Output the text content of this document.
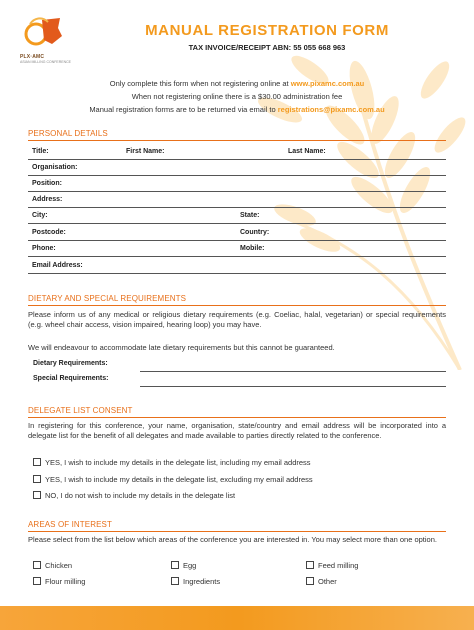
PLX·AMC
ASIAN MILLING CONFERENCE
MANUAL REGISTRATION FORM
TAX INVOICE/RECEIPT ABN: 55 055 668 963
Only complete this form when not registering online at www.pixamc.com.au
When not registering online there is a $30.00 administration fee
Manual registration forms are to be returned via email to registrations@pixamc.com.au
PERSONAL DETAILS
Title:	First Name:	Last Name:
Organisation:
Position:
Address:
City:	State:
Postcode:	Country:
Phone:	Mobile:
Email Address:
DIETARY AND SPECIAL REQUIREMENTS
Please inform us of any medical or religious dietary requirements (e.g. Coeliac, halal, vegetarian) or special requirements (e.g. wheel chair access, vision impaired, hearing loop) you may have.
We will endeavour to accommodate late dietary requirements but this cannot be guaranteed.
Dietary Requirements:
Special Requirements:
DELEGATE LIST CONSENT
In registering for this conference, your name, organisation, state/country and email address will be incorporated into a delegate list for the benefit of all delegates and made available to parties directly related to the conference.
YES, I wish to include my details in the delegate list, including my email address
YES, I wish to include my details in the delegate list, excluding my email address
NO, I do not wish to include my details in the delegate list
AREAS OF INTEREST
Please select from the list below which areas of the conference you are interested in. You may select more than one option.
Chicken	Egg	Feed milling
Flour milling	Ingredients	Other
